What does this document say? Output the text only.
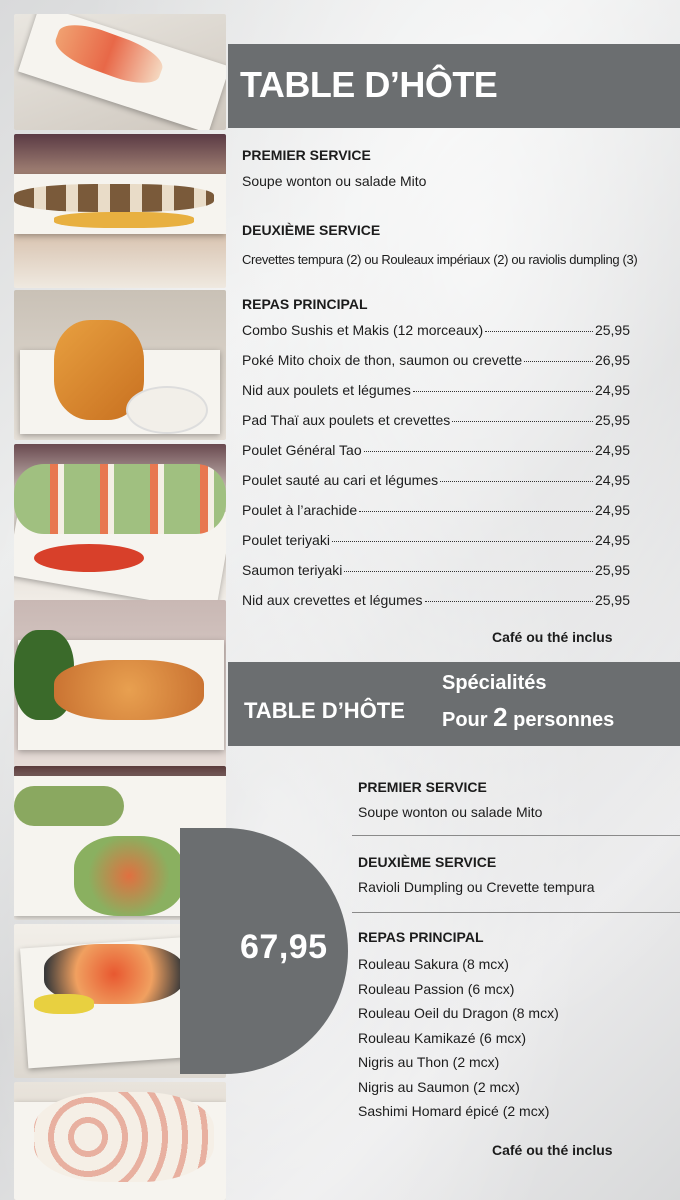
TABLE D’HÔTE
PREMIER SERVICE
Soupe wonton ou salade Mito
DEUXIÈME SERVICE
Crevettes tempura (2) ou Rouleaux impériaux (2) ou raviolis dumpling (3)
REPAS PRINCIPAL
Combo Sushis et Makis (12 morceaux)	25,95
Poké Mito choix de thon, saumon ou crevette	26,95
Nid aux poulets et légumes	24,95
Pad Thaï aux poulets et crevettes	25,95
Poulet Général Tao	24,95
Poulet sauté au cari et légumes	24,95
Poulet à l’arachide	24,95
Poulet teriyaki	24,95
Saumon teriyaki	25,95
Nid aux crevettes et légumes	25,95
Café ou thé inclus
TABLE D’HÔTE
Spécialités
Pour 2 personnes
67,95
PREMIER SERVICE
Soupe wonton ou salade Mito
DEUXIÈME SERVICE
Ravioli Dumpling ou Crevette tempura
REPAS PRINCIPAL
Rouleau Sakura (8 mcx)
Rouleau Passion (6 mcx)
Rouleau Oeil du Dragon (8 mcx)
Rouleau Kamikazé (6 mcx)
Nigris au Thon (2 mcx)
Nigris au Saumon (2 mcx)
Sashimi Homard épicé (2 mcx)
Café ou thé inclus
